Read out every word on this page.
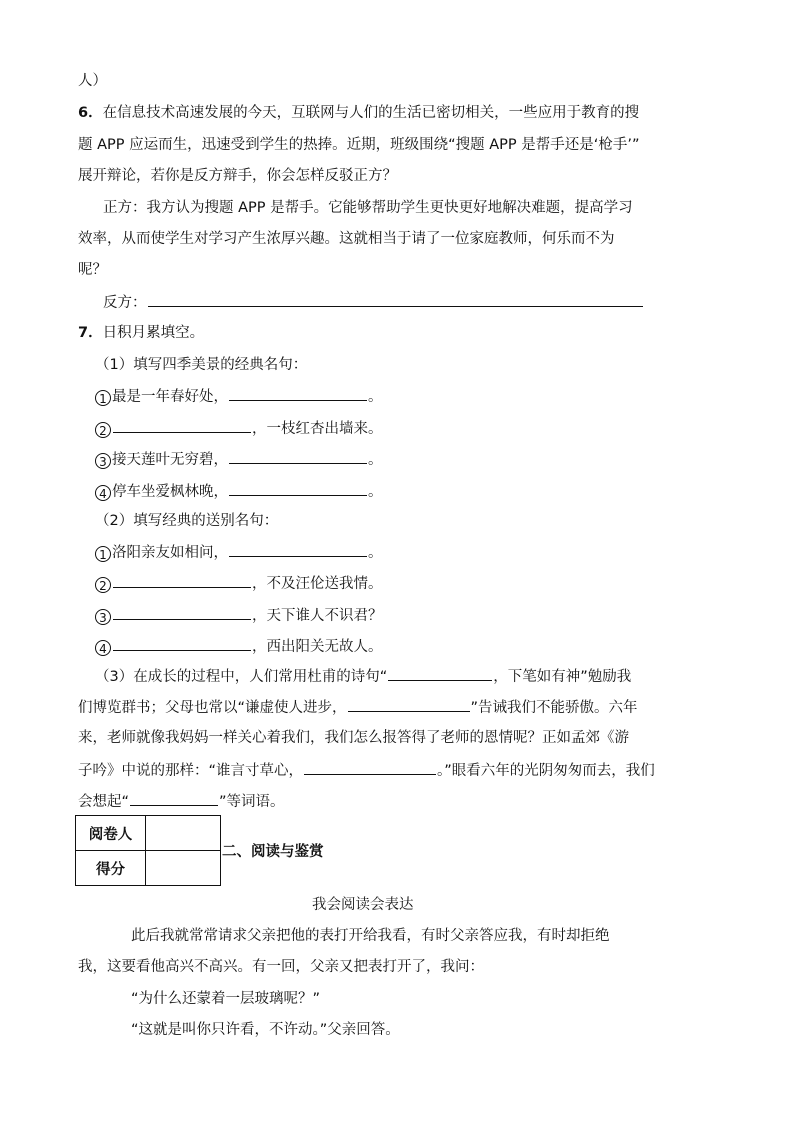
人）
6．在信息技术高速发展的今天，互联网与人们的生活已密切相关，一些应用于教育的搜
题 APP 应运而生，迅速受到学生的热捧。近期，班级围绕“搜题 APP 是帮手还是‘枪手’”
展开辩论，若你是反方辩手，你会怎样反驳正方？
正方：我方认为搜题 APP 是帮手。它能够帮助学生更快更好地解决难题，提高学习
效率，从而使学生对学习产生浓厚兴趣。这就相当于请了一位家庭教师，何乐而不为
呢？
反方：
7．日积月累填空。
（1）填写四季美景的经典名句：
1 最是一年春好处，	。
2	，一枝红杏出墙来。
3 接天莲叶无穷碧，	。
4 停车坐爱枫林晚，	。
（2）填写经典的送别名句：
1 洛阳亲友如相问，	。
2	，不及汪伦送我情。
3	，天下谁人不识君？
4	，西出阳关无故人。
（3）在成长的过程中，人们常用杜甫的诗句“	，下笔如有神”勉励我
们博览群书；父母也常以“谦虚使人进步，	”告诫我们不能骄傲。六年
来，老师就像我妈妈一样关心着我们，我们怎么报答得了老师的恩情呢？正如孟郊《游
子吟》中说的那样：“谁言寸草心，	。”眼看六年的光阴匆匆而去，我们
会想起“	”等词语。
阅卷人	
得分	
二、阅读与鉴赏
我会阅读会表达
此后我就常常请求父亲把他的表打开给我看，有时父亲答应我，有时却拒绝
我，这要看他高兴不高兴。有一回，父亲又把表打开了，我问：
“为什么还蒙着一层玻璃呢？”
“这就是叫你只许看，不许动。”父亲回答。
